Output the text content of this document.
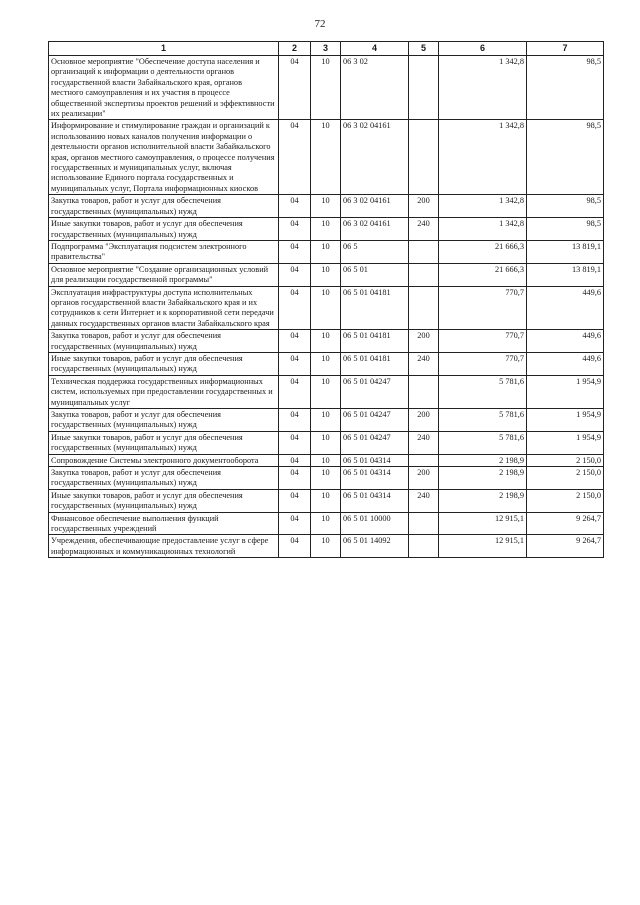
72
1	2	3	4	5	6	7
Основное мероприятие "Обеспечение доступа населения и организаций к информации о деятельности органов государственной власти Забайкальского края, органов местного самоуправления и их участия в процессе общественной экспертизы проектов решений и эффективности их реализации"	04	10	06 3 02		1 342,8	98,5
Информирование и стимулирование граждан и организаций к использованию новых каналов получения информации о деятельности органов исполнительной власти Забайкальского края, органов местного самоуправления, о процессе получения государственных и муниципальных услуг, включая использование Единого портала государственных и муниципальных услуг, Портала информационных киосков	04	10	06 3 02 04161		1 342,8	98,5
Закупка товаров, работ и услуг для обеспечения государственных (муниципальных) нужд	04	10	06 3 02 04161	200	1 342,8	98,5
Иные закупки товаров, работ и услуг для обеспечения государственных (муниципальных) нужд	04	10	06 3 02 04161	240	1 342,8	98,5
Подпрограмма "Эксплуатация подсистем электронного правительства"	04	10	06 5		21 666,3	13 819,1
Основное мероприятие "Создание организационных условий для реализации государственной программы"	04	10	06 5 01		21 666,3	13 819,1
Эксплуатация инфраструктуры доступа исполнительных органов государственной власти Забайкальского края и их сотрудников к сети Интернет и к корпоративной сети передачи данных государственных органов власти Забайкальского края	04	10	06 5 01 04181		770,7	449,6
Закупка товаров, работ и услуг для обеспечения государственных (муниципальных) нужд	04	10	06 5 01 04181	200	770,7	449,6
Иные закупки товаров, работ и услуг для обеспечения государственных (муниципальных) нужд	04	10	06 5 01 04181	240	770,7	449,6
Техническая поддержка государственных информационных систем, используемых при предоставлении государственных и муниципальных услуг	04	10	06 5 01 04247		5 781,6	1 954,9
Закупка товаров, работ и услуг для обеспечения государственных (муниципальных) нужд	04	10	06 5 01 04247	200	5 781,6	1 954,9
Иные закупки товаров, работ и услуг для обеспечения государственных (муниципальных) нужд	04	10	06 5 01 04247	240	5 781,6	1 954,9
Сопровождение Системы электронного документооборота	04	10	06 5 01 04314		2 198,9	2 150,0
Закупка товаров, работ и услуг для обеспечения государственных (муниципальных) нужд	04	10	06 5 01 04314	200	2 198,9	2 150,0
Иные закупки товаров, работ и услуг для обеспечения государственных (муниципальных) нужд	04	10	06 5 01 04314	240	2 198,9	2 150,0
Финансовое обеспечение выполнения функций государственных учреждений	04	10	06 5 01 10000		12 915,1	9 264,7
Учреждения, обеспечивающие предоставление услуг в сфере информационных и коммуникационных технологий	04	10	06 5 01 14092		12 915,1	9 264,7
